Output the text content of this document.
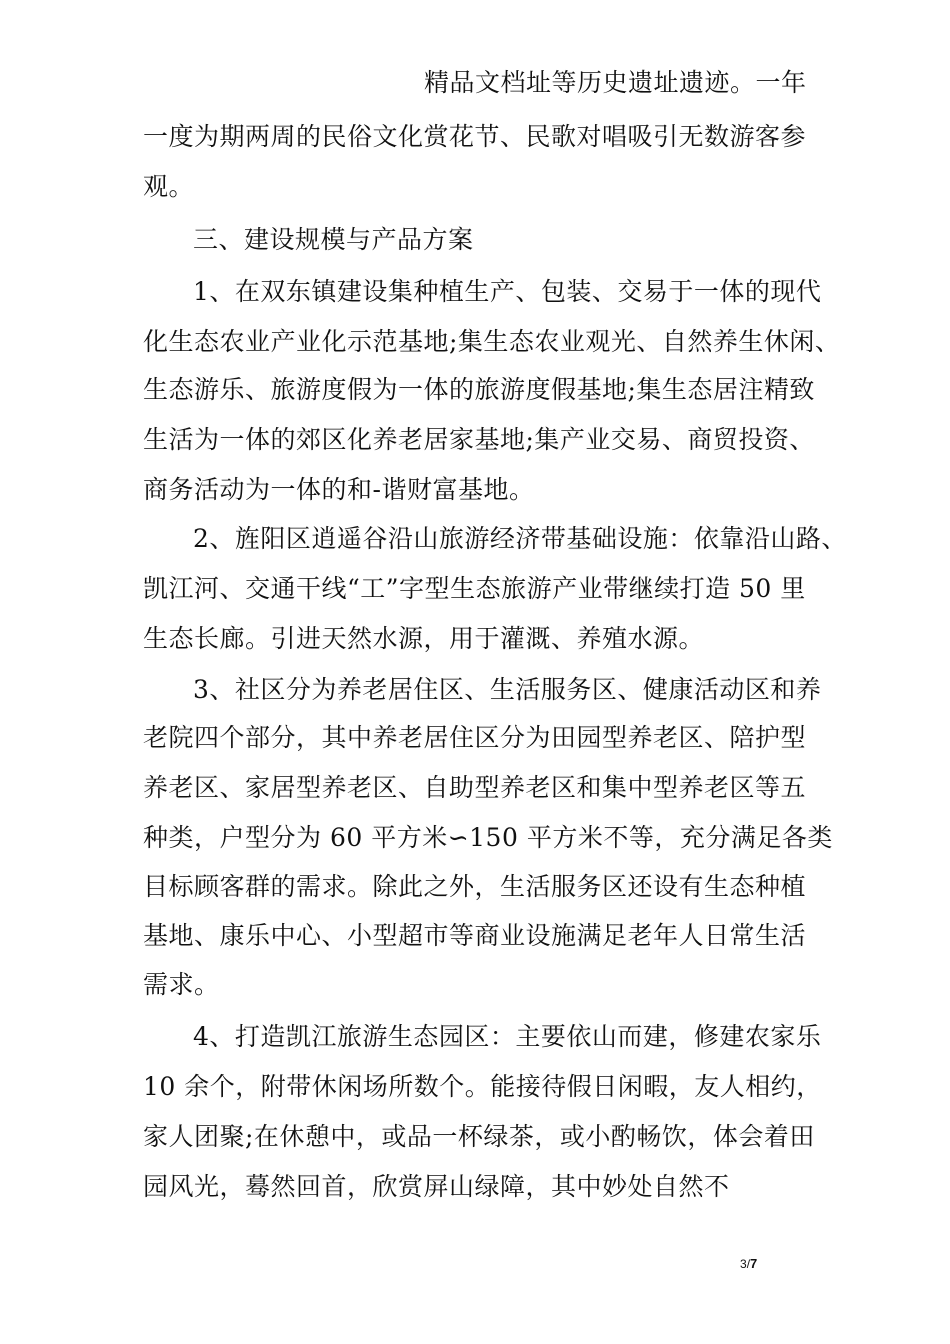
精品文档址等历史遗址遗迹。一年
一度为期两周的民俗文化赏花节、民歌对唱吸引无数游客参
观。
三、建设规模与产品方案
1、在双东镇建设集种植生产、包装、交易于一体的现代
化生态农业产业化示范基地;集生态农业观光、自然养生休闲、
生态游乐、旅游度假为一体的旅游度假基地;集生态居注精致
生活为一体的郊区化养老居家基地;集产业交易、商贸投资、
商务活动为一体的和-谐财富基地。
2、旌阳区逍遥谷沿山旅游经济带基础设施：依靠沿山路、
凯江河、交通干线“工”字型生态旅游产业带继续打造 50 里
生态长廊。引进天然水源，用于灌溉、养殖水源。
3、社区分为养老居住区、生活服务区、健康活动区和养
老院四个部分，其中养老居住区分为田园型养老区、陪护型
养老区、家居型养老区、自助型养老区和集中型养老区等五
种类，户型分为 60 平方米∽150 平方米不等，充分满足各类
目标顾客群的需求。除此之外，生活服务区还设有生态种植
基地、康乐中心、小型超市等商业设施满足老年人日常生活
需求。
4、打造凯江旅游生态园区：主要依山而建，修建农家乐
10 余个，附带休闲场所数个。能接待假日闲暇，友人相约，
家人团聚;在休憩中，或品一杯绿茶，或小酌畅饮，体会着田
园风光，蓦然回首，欣赏屏山绿障，其中妙处自然不
3/7
